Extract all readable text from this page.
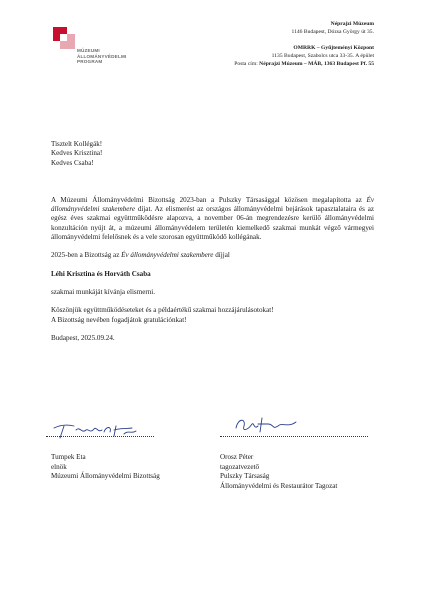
MÚZEUMI
ÁLLOMÁNYVÉDELMI
PROGRAM
Néprajzi Múzeum
1146 Budapest, Dózsa György út 35.
OMRRK – Gyűjteményi Központ
1135 Budapest, Szabolcs utca 33-35. A épület
Posta cím: Néprajzi Múzeum – MÁB, 1363 Budapest Pf. 55
Tisztelt Kollégák!
Kedves Krisztina!
Kedves Csaba!

A Múzeumi Állományvédelmi Bizottság 2023-ban a Pulszky Társasággal közösen megalapította az Év állományvédelmi szakembere díjat. Az elismerést az országos állományvédelmi bejárások tapasztalataira és az egész éves szakmai együttműködésre alapozva, a november 06-án megrendezésre kerülő állományvédelmi konzultáción nyújt át, a múzeumi állományvédelem területén kiemelkedő szakmai munkát végző vármegyei állományvédelmi felelősnek és a vele szorosan együttműködő kollégának.

2025-ben a Bizottság az Év állományvédelmi szakembere díjjal

Léhi Krisztina és Horváth Csaba

szakmai munkáját kívánja elismerni.

Köszönjük együttműködéseteket és a példaértékű szakmai hozzájárulásotokat!
A Bizottság nevében fogadjátok gratulációnkat!

Budapest, 2025.09.24.

Tumpek Eta
elnök
Múzeumi Állományvédelmi Bizottság
Orosz Péter
tagozatvezető
Pulszky Társaság
Állományvédelmi és Restaurátor Tagozat
